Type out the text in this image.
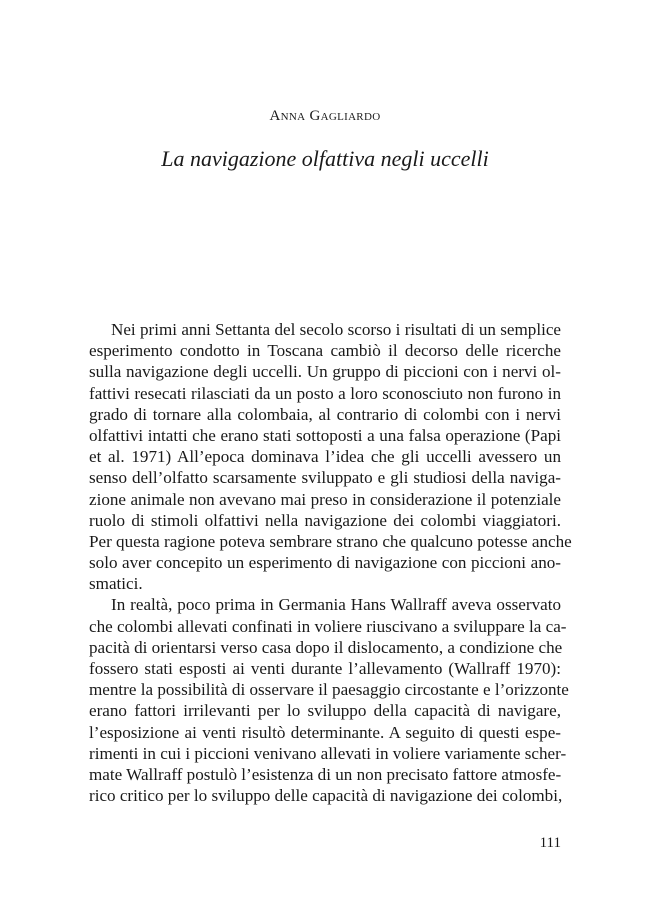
Anna Gagliardo
La navigazione olfattiva negli uccelli
Nei primi anni Settanta del secolo scorso i risultati di un semplice
esperimento condotto in Toscana cambiò il decorso delle ricerche
sulla navigazione degli uccelli. Un gruppo di piccioni con i nervi ol-
fattivi resecati rilasciati da un posto a loro sconosciuto non furono in
grado di tornare alla colombaia, al contrario di colombi con i nervi
olfattivi intatti che erano stati sottoposti a una falsa operazione (Papi
et al. 1971) All’epoca dominava l’idea che gli uccelli avessero un
senso dell’olfatto scarsamente sviluppato e gli studiosi della naviga-
zione animale non avevano mai preso in considerazione il potenziale
ruolo di stimoli olfattivi nella navigazione dei colombi viaggiatori.
Per questa ragione poteva sembrare strano che qualcuno potesse anche
solo aver concepito un esperimento di navigazione con piccioni ano-
smatici.
In realtà, poco prima in Germania Hans Wallraff aveva osservato
che colombi allevati confinati in voliere riuscivano a sviluppare la ca-
pacità di orientarsi verso casa dopo il dislocamento, a condizione che
fossero stati esposti ai venti durante l’allevamento (Wallraff 1970):
mentre la possibilità di osservare il paesaggio circostante e l’orizzonte
erano fattori irrilevanti per lo sviluppo della capacità di navigare,
l’esposizione ai venti risultò determinante. A seguito di questi espe-
rimenti in cui i piccioni venivano allevati in voliere variamente scher-
mate Wallraff postulò l’esistenza di un non precisato fattore atmosfe-
rico critico per lo sviluppo delle capacità di navigazione dei colombi,
111
